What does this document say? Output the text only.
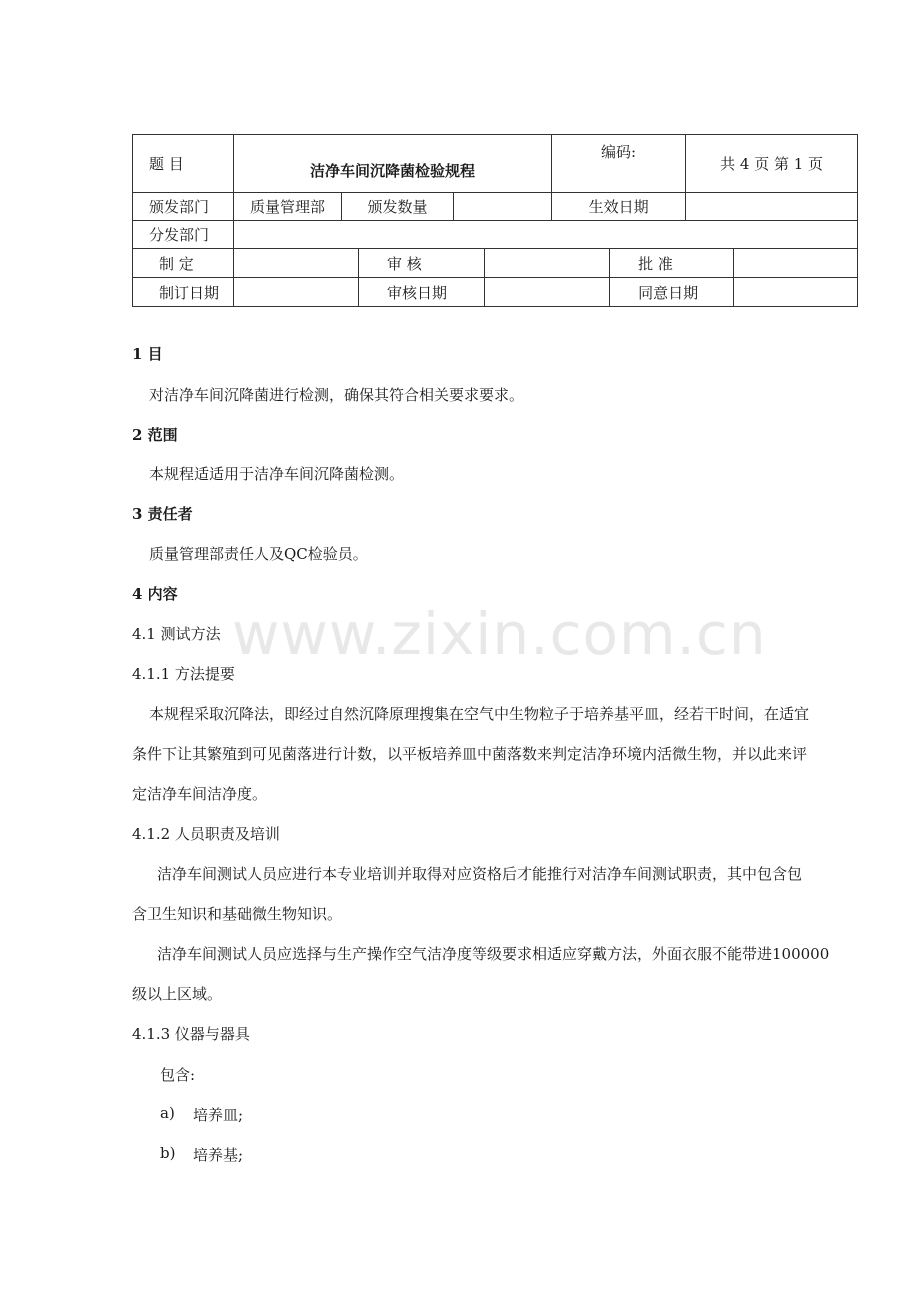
题 目	洁净车间沉降菌检验规程					编码:		共 4 页 第 1 页	
颁发部门	质量管理部	颁发数量				生效日期			
分发部门									
制 定			审 核				批 准		
制订日期			审核日期				同意日期		
www.zixin.com.cn
1 目
对洁净车间沉降菌进行检测，确保其符合相关要求要求。
2 范围
本规程适适用于洁净车间沉降菌检测。
3 责任者
质量管理部责任人及QC检验员。
4 内容
4.1 测试方法
4.1.1 方法提要
本规程采取沉降法，即经过自然沉降原理搜集在空气中生物粒子于培养基平皿，经若干时间，在适宜
条件下让其繁殖到可见菌落进行计数，以平板培养皿中菌落数来判定洁净环境内活微生物，并以此来评
定洁净车间洁净度。
4.1.2 人员职责及培训
洁净车间测试人员应进行本专业培训并取得对应资格后才能推行对洁净车间测试职责，其中包含包
含卫生知识和基础微生物知识。
洁净车间测试人员应选择与生产操作空气洁净度等级要求相适应穿戴方法，外面衣服不能带进100000
级以上区域。
4.1.3 仪器与器具
包含:
a) 培养皿;
b) 培养基;
